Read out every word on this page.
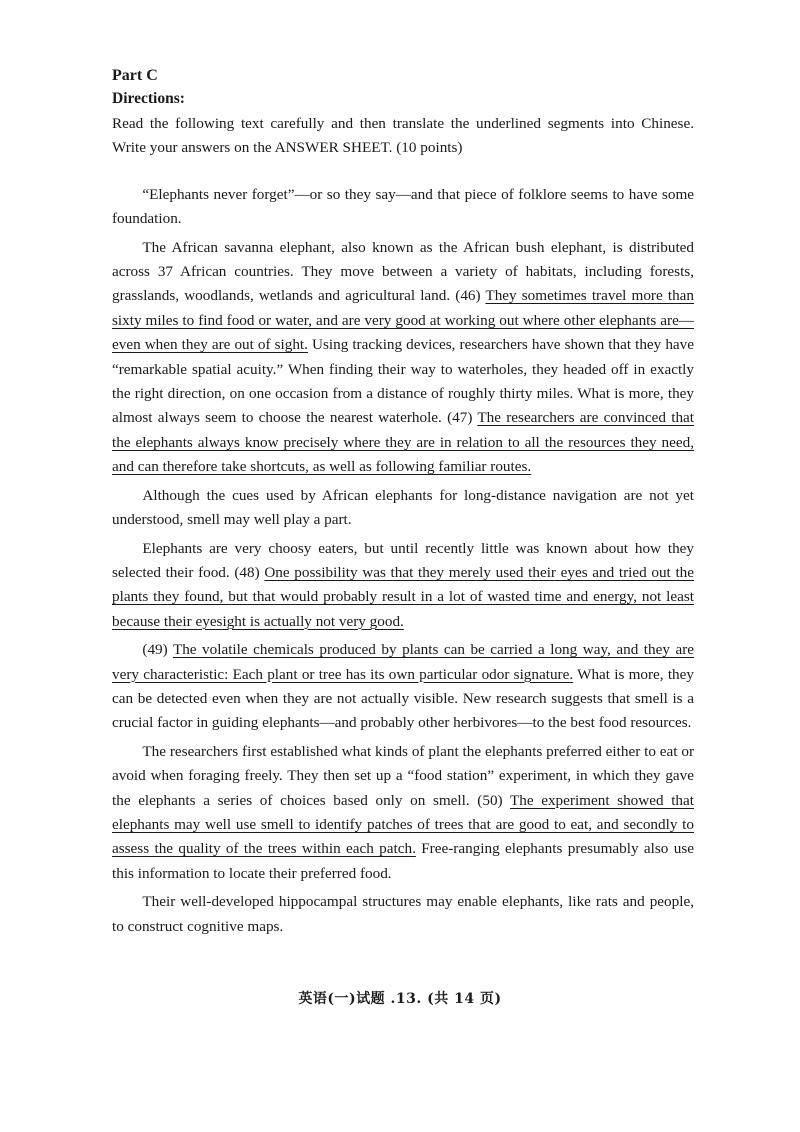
Part C
Directions:
Read the following text carefully and then translate the underlined segments into Chinese. Write your answers on the ANSWER SHEET. (10 points)

“Elephants never forget”—or so they say—and that piece of folklore seems to have some foundation.

The African savanna elephant, also known as the African bush elephant, is distributed across 37 African countries. They move between a variety of habitats, including forests, grasslands, woodlands, wetlands and agricultural land. (46) They sometimes travel more than sixty miles to find food or water, and are very good at working out where other elephants are—even when they are out of sight. Using tracking devices, researchers have shown that they have “remarkable spatial acuity.” When finding their way to waterholes, they headed off in exactly the right direction, on one occasion from a distance of roughly thirty miles. What is more, they almost always seem to choose the nearest waterhole. (47) The researchers are convinced that the elephants always know precisely where they are in relation to all the resources they need, and can therefore take shortcuts, as well as following familiar routes.

Although the cues used by African elephants for long-distance navigation are not yet understood, smell may well play a part.

Elephants are very choosy eaters, but until recently little was known about how they selected their food. (48) One possibility was that they merely used their eyes and tried out the plants they found, but that would probably result in a lot of wasted time and energy, not least because their eyesight is actually not very good.

(49) The volatile chemicals produced by plants can be carried a long way, and they are very characteristic: Each plant or tree has its own particular odor signature. What is more, they can be detected even when they are not actually visible. New research suggests that smell is a crucial factor in guiding elephants—and probably other herbivores—to the best food resources.

The researchers first established what kinds of plant the elephants preferred either to eat or avoid when foraging freely. They then set up a “food station” experiment, in which they gave the elephants a series of choices based only on smell. (50) The experiment showed that elephants may well use smell to identify patches of trees that are good to eat, and secondly to assess the quality of the trees within each patch. Free-ranging elephants presumably also use this information to locate their preferred food.

Their well-developed hippocampal structures may enable elephants, like rats and people, to construct cognitive maps.

英语(一)试题 .13. (共 14 页)
